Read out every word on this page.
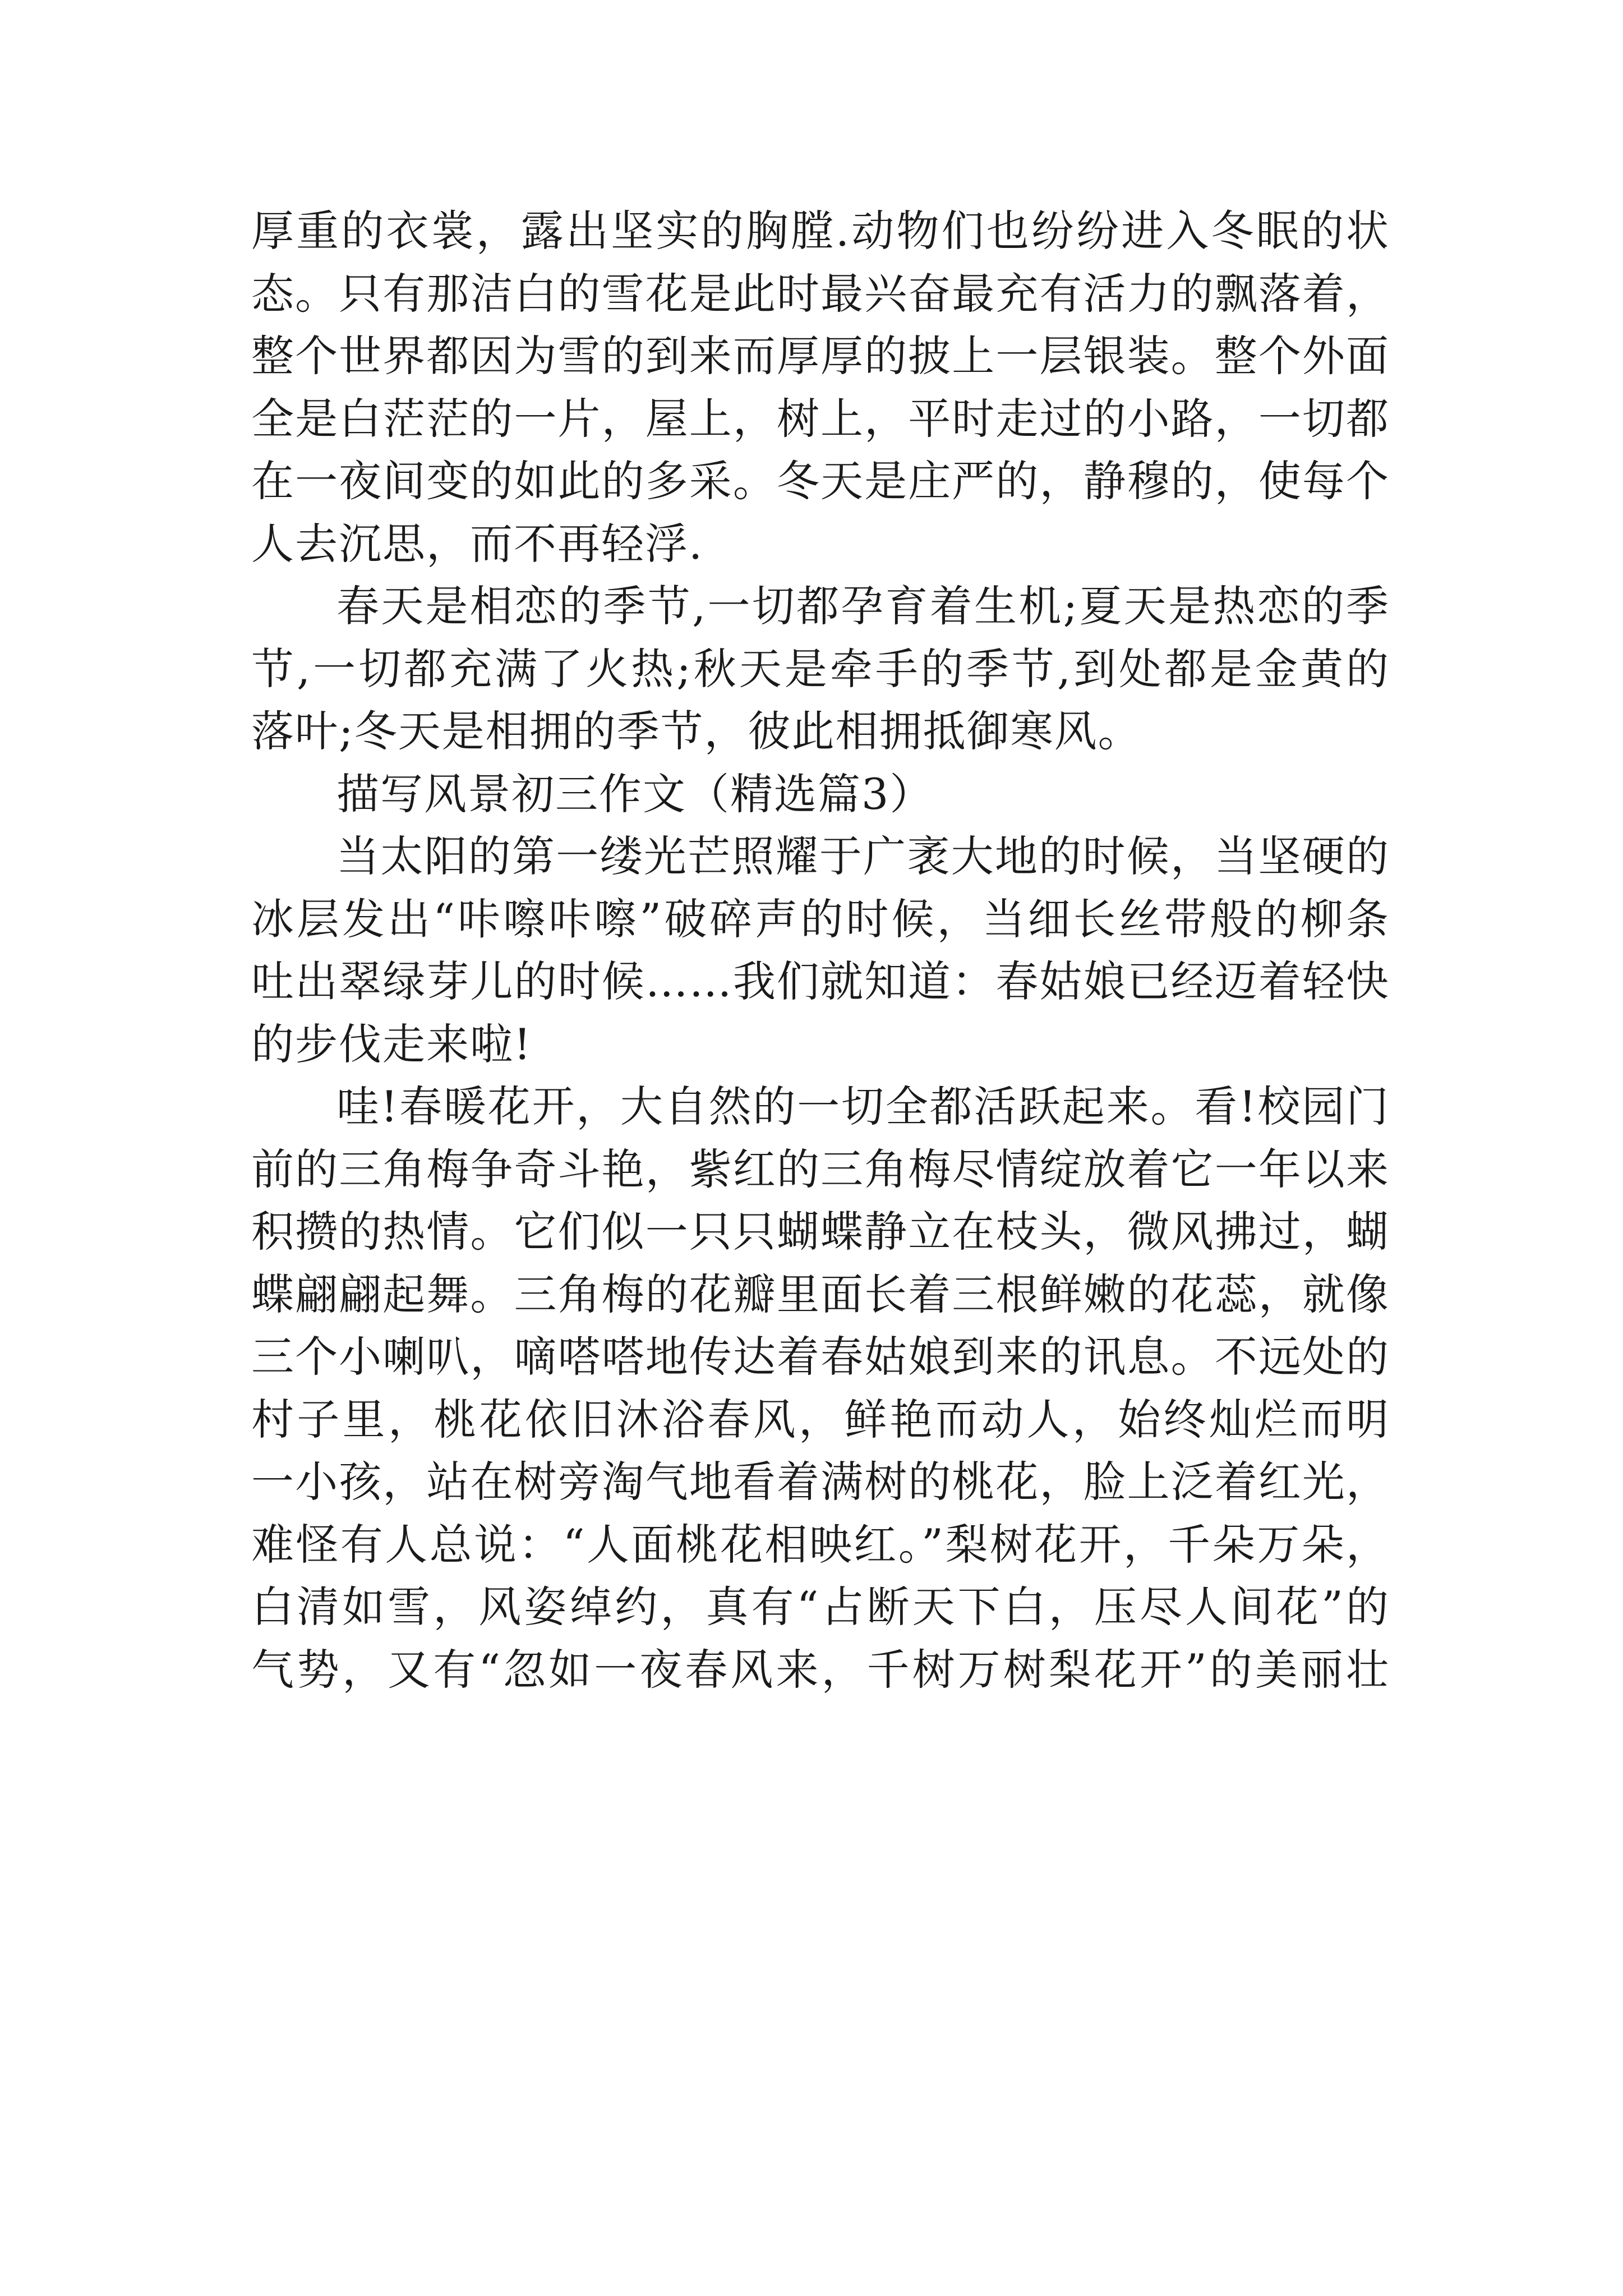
厚重的衣裳，露出坚实的胸膛.动物们也纷纷进入冬眠的状
态。只有那洁白的雪花是此时最兴奋最充有活力的飘落着，
整个世界都因为雪的到来而厚厚的披上一层银装。整个外面
全是白茫茫的一片，屋上，树上，平时走过的小路，一切都
在一夜间变的如此的多采。冬天是庄严的，静穆的，使每个
人去沉思，而不再轻浮.
春天是相恋的季节,一切都孕育着生机;夏天是热恋的季
节,一切都充满了火热;秋天是牵手的季节,到处都是金黄的
落叶;冬天是相拥的季节，彼此相拥抵御寒风。
描写风景初三作文（精选篇3）
当太阳的第一缕光芒照耀于广袤大地的时候，当坚硬的
冰层发出“咔嚓咔嚓”破碎声的时候，当细长丝带般的柳条
吐出翠绿芽儿的时候……我们就知道：春姑娘已经迈着轻快
的步伐走来啦!
哇!春暖花开，大自然的一切全都活跃起来。看!校园门
前的三角梅争奇斗艳，紫红的三角梅尽情绽放着它一年以来
积攒的热情。它们似一只只蝴蝶静立在枝头，微风拂过，蝴
蝶翩翩起舞。三角梅的花瓣里面长着三根鲜嫩的花蕊，就像
三个小喇叭，嘀嗒嗒地传达着春姑娘到来的讯息。不远处的
村子里，桃花依旧沐浴春风，鲜艳而动人，始终灿烂而明
一小孩，站在树旁淘气地看着满树的桃花，脸上泛着红光，
难怪有人总说：“人面桃花相映红。”梨树花开，千朵万朵，
白清如雪，风姿绰约，真有“占断天下白，压尽人间花”的
气势，又有“忽如一夜春风来，千树万树梨花开”的美丽壮
